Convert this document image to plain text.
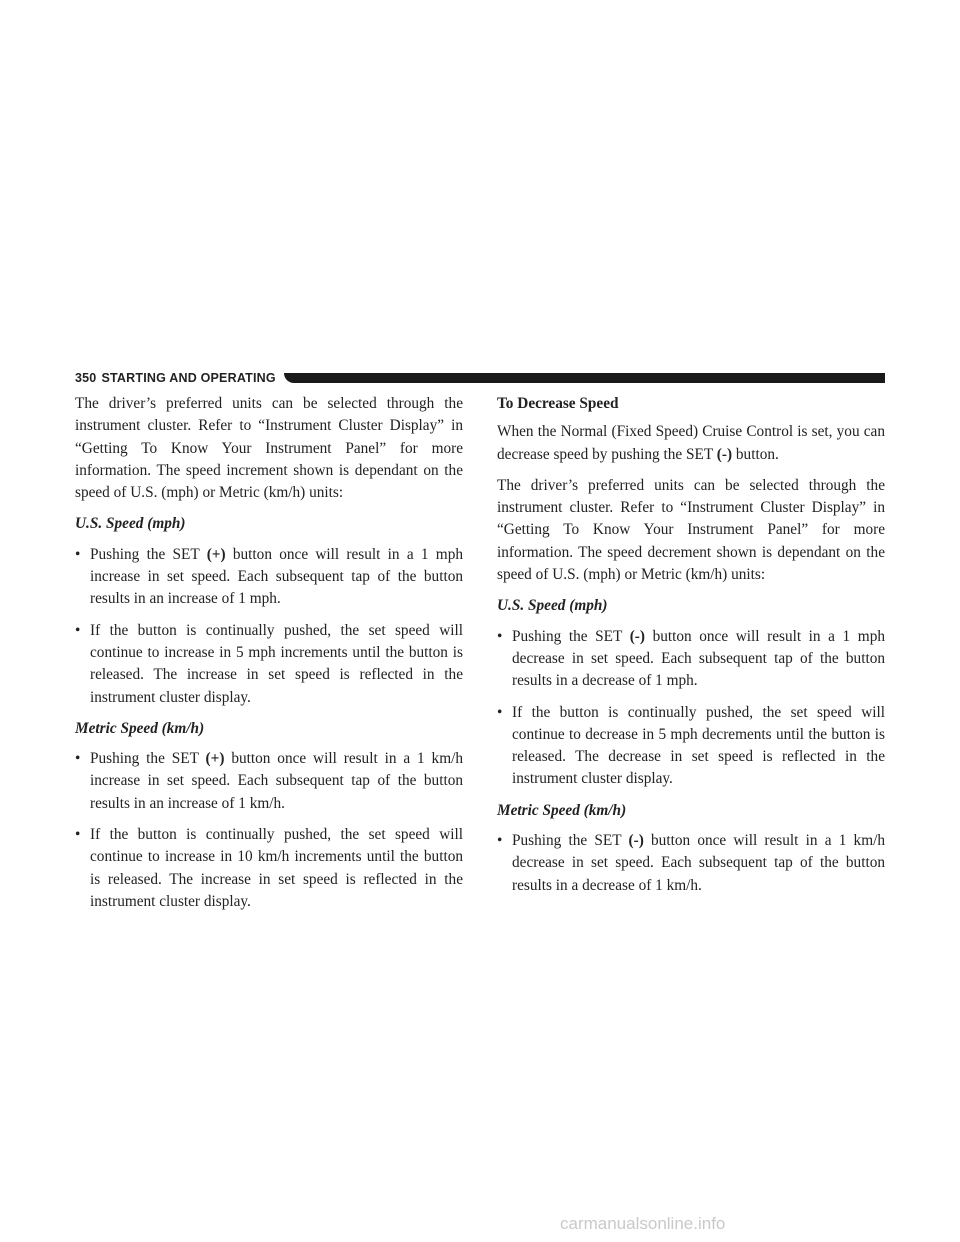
350 STARTING AND OPERATING

The driver’s preferred units can be selected through the instrument cluster. Refer to “Instrument Cluster Display” in “Getting To Know Your Instrument Panel” for more information. The speed increment shown is dependant on the speed of U.S. (mph) or Metric (km/h) units:

U.S. Speed (mph)

• Pushing the SET (+) button once will result in a 1 mph increase in set speed. Each subsequent tap of the button results in an increase of 1 mph.
• If the button is continually pushed, the set speed will continue to increase in 5 mph increments until the button is released. The increase in set speed is reflected in the instrument cluster display.

Metric Speed (km/h)

• Pushing the SET (+) button once will result in a 1 km/h increase in set speed. Each subsequent tap of the button results in an increase of 1 km/h.
• If the button is continually pushed, the set speed will continue to increase in 10 km/h increments until the button is released. The increase in set speed is reflected in the instrument cluster display.

To Decrease Speed

When the Normal (Fixed Speed) Cruise Control is set, you can decrease speed by pushing the SET (-) button.

The driver’s preferred units can be selected through the instrument cluster. Refer to “Instrument Cluster Display” in “Getting To Know Your Instrument Panel” for more information. The speed decrement shown is dependant on the speed of U.S. (mph) or Metric (km/h) units:

U.S. Speed (mph)

• Pushing the SET (-) button once will result in a 1 mph decrease in set speed. Each subsequent tap of the button results in a decrease of 1 mph.
• If the button is continually pushed, the set speed will continue to decrease in 5 mph decrements until the button is released. The decrease in set speed is reflected in the instrument cluster display.

Metric Speed (km/h)

• Pushing the SET (-) button once will result in a 1 km/h decrease in set speed. Each subsequent tap of the button results in a decrease of 1 km/h.
carmanualsonline.info
